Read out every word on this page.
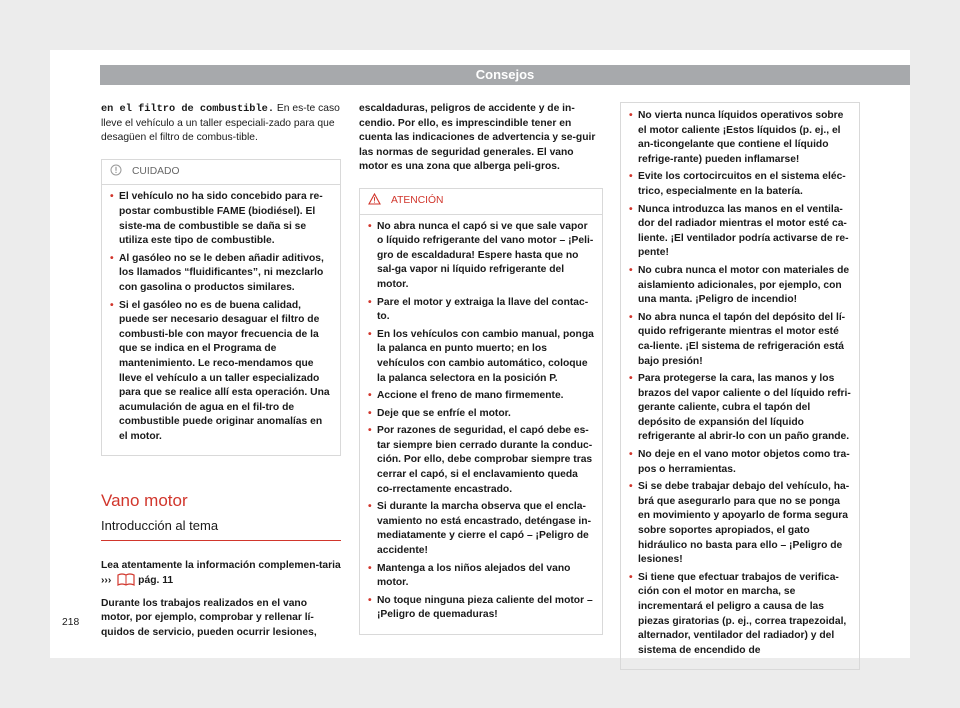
Consejos

en el filtro de combustible. En es-te caso lleve el vehículo a un taller especiali-zado para que desagüen el filtro de combus-tible.

CUIDADO
• El vehículo no ha sido concebido para re-postar combustible FAME (biodiésel). El siste-ma de combustible se daña si se utiliza este tipo de combustible.
• Al gasóleo no se le deben añadir aditivos, los llamados “fluidificantes”, ni mezclarlo con gasolina o productos similares.
• Si el gasóleo no es de buena calidad, puede ser necesario desaguar el filtro de combusti-ble con mayor frecuencia de la que se indica en el Programa de mantenimiento. Le reco-mendamos que lleve el vehículo a un taller especializado para que se realice allí esta operación. Una acumulación de agua en el fil-tro de combustible puede originar anomalías en el motor.
Vano motor
Introducción al tema

Lea atentamente la información complemen-taria ›››	pág. 11

Durante los trabajos realizados en el vano motor, por ejemplo, comprobar y rellenar lí-quidos de servicio, pueden ocurrir lesiones,

escaldaduras, peligros de accidente y de in-cendio. Por ello, es imprescindible tener en cuenta las indicaciones de advertencia y se-guir las normas de seguridad generales. El vano motor es una zona que alberga peli-gros.

ATENCIÓN
• No abra nunca el capó si ve que sale vapor o líquido refrigerante del vano motor – ¡Peli-gro de escaldadura! Espere hasta que no sal-ga vapor ni líquido refrigerante del motor.
• Pare el motor y extraiga la llave del contac-to.
• En los vehículos con cambio manual, ponga la palanca en punto muerto; en los vehículos con cambio automático, coloque la palanca selectora en la posición P.
• Accione el freno de mano firmemente.
• Deje que se enfríe el motor.
• Por razones de seguridad, el capó debe es-tar siempre bien cerrado durante la conduc-ción. Por ello, debe comprobar siempre tras cerrar el capó, si el enclavamiento queda co-rrectamente encastrado.
• Si durante la marcha observa que el encla-vamiento no está encastrado, deténgase in-mediatamente y cierre el capó – ¡Peligro de accidente!
• Mantenga a los niños alejados del vano motor.
• No toque ninguna pieza caliente del motor – ¡Peligro de quemaduras!
• No vierta nunca líquidos operativos sobre el motor caliente ¡Estos líquidos (p. ej., el an-ticongelante que contiene el líquido refrige-rante) pueden inflamarse!
• Evite los cortocircuitos en el sistema eléc-trico, especialmente en la batería.
• Nunca introduzca las manos en el ventila-dor del radiador mientras el motor esté ca-liente. ¡El ventilador podría activarse de re-pente!
• No cubra nunca el motor con materiales de aislamiento adicionales, por ejemplo, con una manta. ¡Peligro de incendio!
• No abra nunca el tapón del depósito del lí-quido refrigerante mientras el motor esté ca-liente. ¡El sistema de refrigeración está bajo presión!
• Para protegerse la cara, las manos y los brazos del vapor caliente o del líquido refri-gerante caliente, cubra el tapón del depósito de expansión del líquido refrigerante al abrir-lo con un paño grande.
• No deje en el vano motor objetos como tra-pos o herramientas.
• Si se debe trabajar debajo del vehículo, ha-brá que asegurarlo para que no se ponga en movimiento y apoyarlo de forma segura sobre soportes apropiados, el gato hidráulico no basta para ello – ¡Peligro de lesiones!
• Si tiene que efectuar trabajos de verifica-ción con el motor en marcha, se incrementará el peligro a causa de las piezas giratorias (p. ej., correa trapezoidal, alternador, ventilador del radiador) y del sistema de encendido de
218
